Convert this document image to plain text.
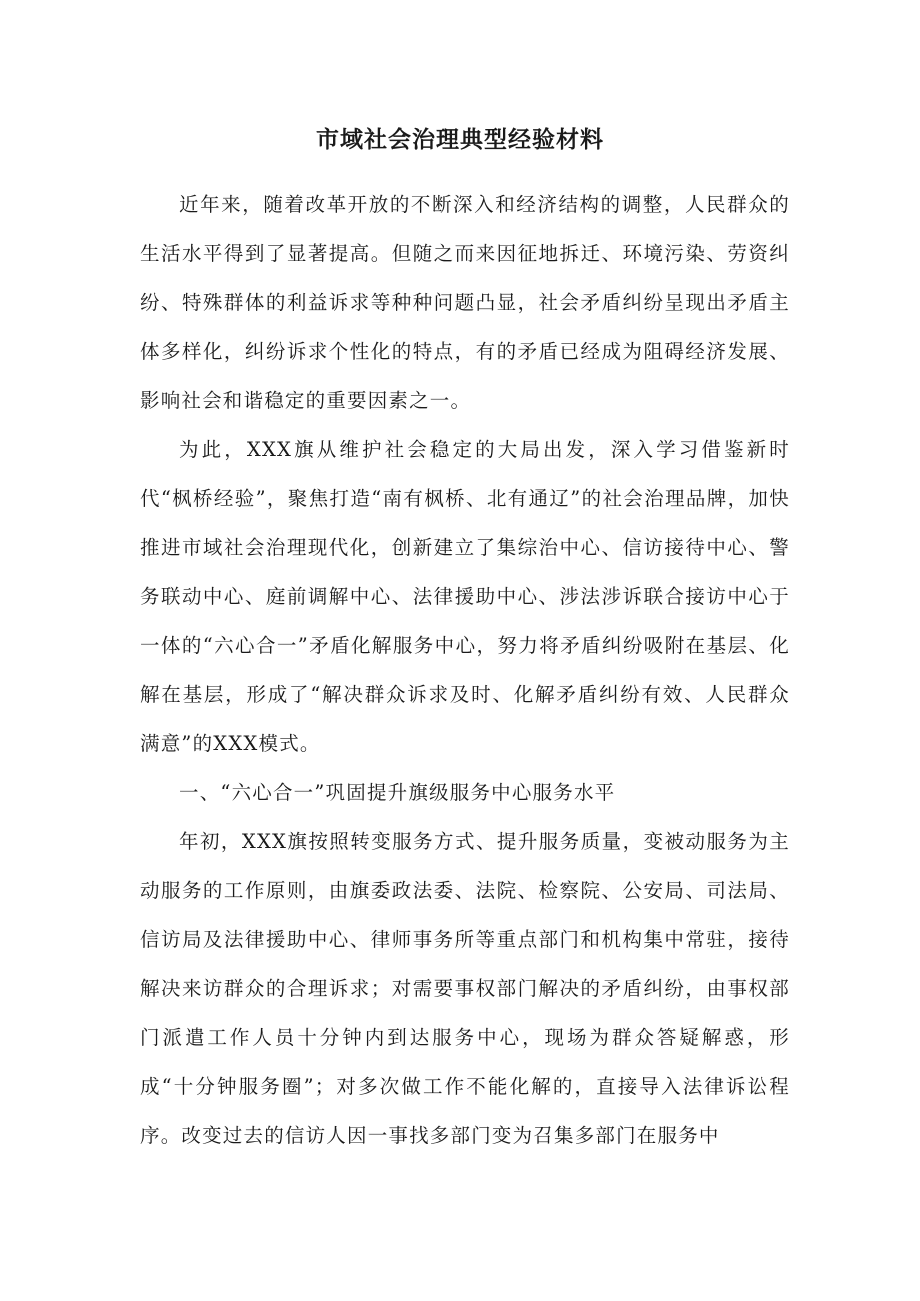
市域社会治理典型经验材料

近年来，随着改革开放的不断深入和经济结构的调整，人民群众的生活水平得到了显著提高。但随之而来因征地拆迁、环境污染、劳资纠纷、特殊群体的利益诉求等种种问题凸显，社会矛盾纠纷呈现出矛盾主体多样化，纠纷诉求个性化的特点，有的矛盾已经成为阻碍经济发展、影响社会和谐稳定的重要因素之一。

为此，XXX旗从维护社会稳定的大局出发，深入学习借鉴新时代“枫桥经验”，聚焦打造“南有枫桥、北有通辽”的社会治理品牌，加快推进市域社会治理现代化，创新建立了集综治中心、信访接待中心、警务联动中心、庭前调解中心、法律援助中心、涉法涉诉联合接访中心于一体的“六心合一”矛盾化解服务中心，努力将矛盾纠纷吸附在基层、化解在基层，形成了“解决群众诉求及时、化解矛盾纠纷有效、人民群众满意”的XXX模式。

一、“六心合一”巩固提升旗级服务中心服务水平

年初，XXX旗按照转变服务方式、提升服务质量，变被动服务为主动服务的工作原则，由旗委政法委、法院、检察院、公安局、司法局、信访局及法律援助中心、律师事务所等重点部门和机构集中常驻，接待解决来访群众的合理诉求；对需要事权部门解决的矛盾纠纷，由事权部门派遣工作人员十分钟内到达服务中心，现场为群众答疑解惑，形成“十分钟服务圈”；对多次做工作不能化解的，直接导入法律诉讼程序。改变过去的信访人因一事找多部门变为召集多部门在服务中
